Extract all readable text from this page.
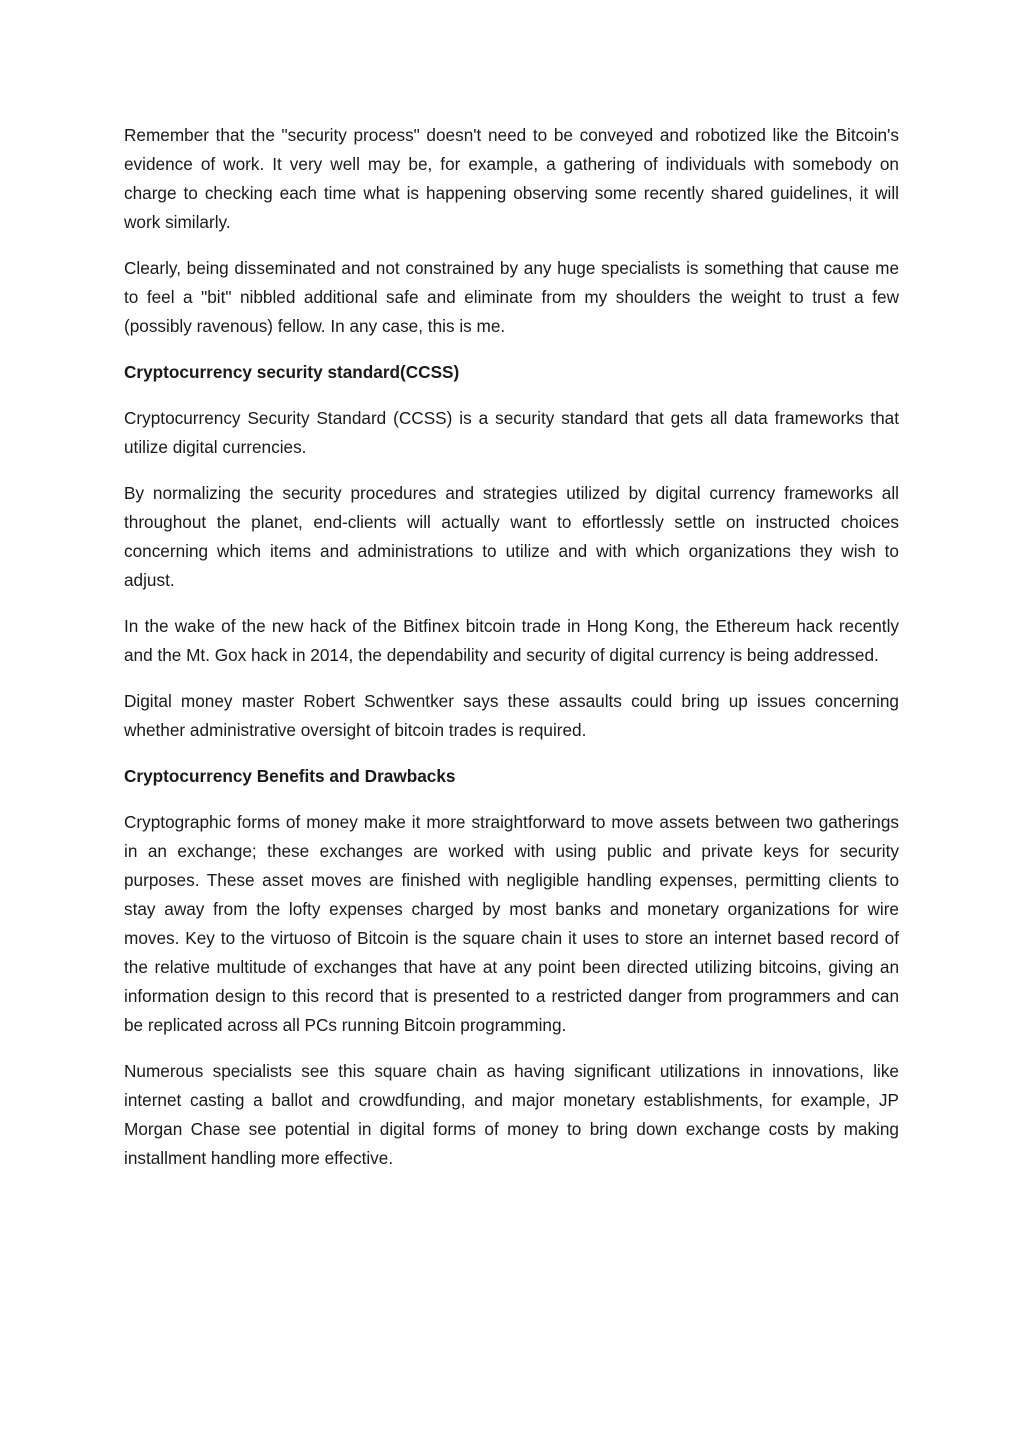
Remember that the "security process" doesn't need to be conveyed and robotized like the Bitcoin's evidence of work. It very well may be, for example, a gathering of individuals with somebody on charge to checking each time what is happening observing some recently shared guidelines, it will work similarly.

Clearly, being disseminated and not constrained by any huge specialists is something that cause me to feel a "bit" nibbled additional safe and eliminate from my shoulders the weight to trust a few (possibly ravenous) fellow. In any case, this is me.

Cryptocurrency security standard(CCSS)

Cryptocurrency Security Standard (CCSS) is a security standard that gets all data frameworks that utilize digital currencies.

By normalizing the security procedures and strategies utilized by digital currency frameworks all throughout the planet, end-clients will actually want to effortlessly settle on instructed choices concerning which items and administrations to utilize and with which organizations they wish to adjust.

In the wake of the new hack of the Bitfinex bitcoin trade in Hong Kong, the Ethereum hack recently and the Mt. Gox hack in 2014, the dependability and security of digital currency is being addressed.

Digital money master Robert Schwentker says these assaults could bring up issues concerning whether administrative oversight of bitcoin trades is required.

Cryptocurrency Benefits and Drawbacks

Cryptographic forms of money make it more straightforward to move assets between two gatherings in an exchange; these exchanges are worked with using public and private keys for security purposes. These asset moves are finished with negligible handling expenses, permitting clients to stay away from the lofty expenses charged by most banks and monetary organizations for wire moves. Key to the virtuoso of Bitcoin is the square chain it uses to store an internet based record of the relative multitude of exchanges that have at any point been directed utilizing bitcoins, giving an information design to this record that is presented to a restricted danger from programmers and can be replicated across all PCs running Bitcoin programming.

Numerous specialists see this square chain as having significant utilizations in innovations, like internet casting a ballot and crowdfunding, and major monetary establishments, for example, JP Morgan Chase see potential in digital forms of money to bring down exchange costs by making installment handling more effective.
